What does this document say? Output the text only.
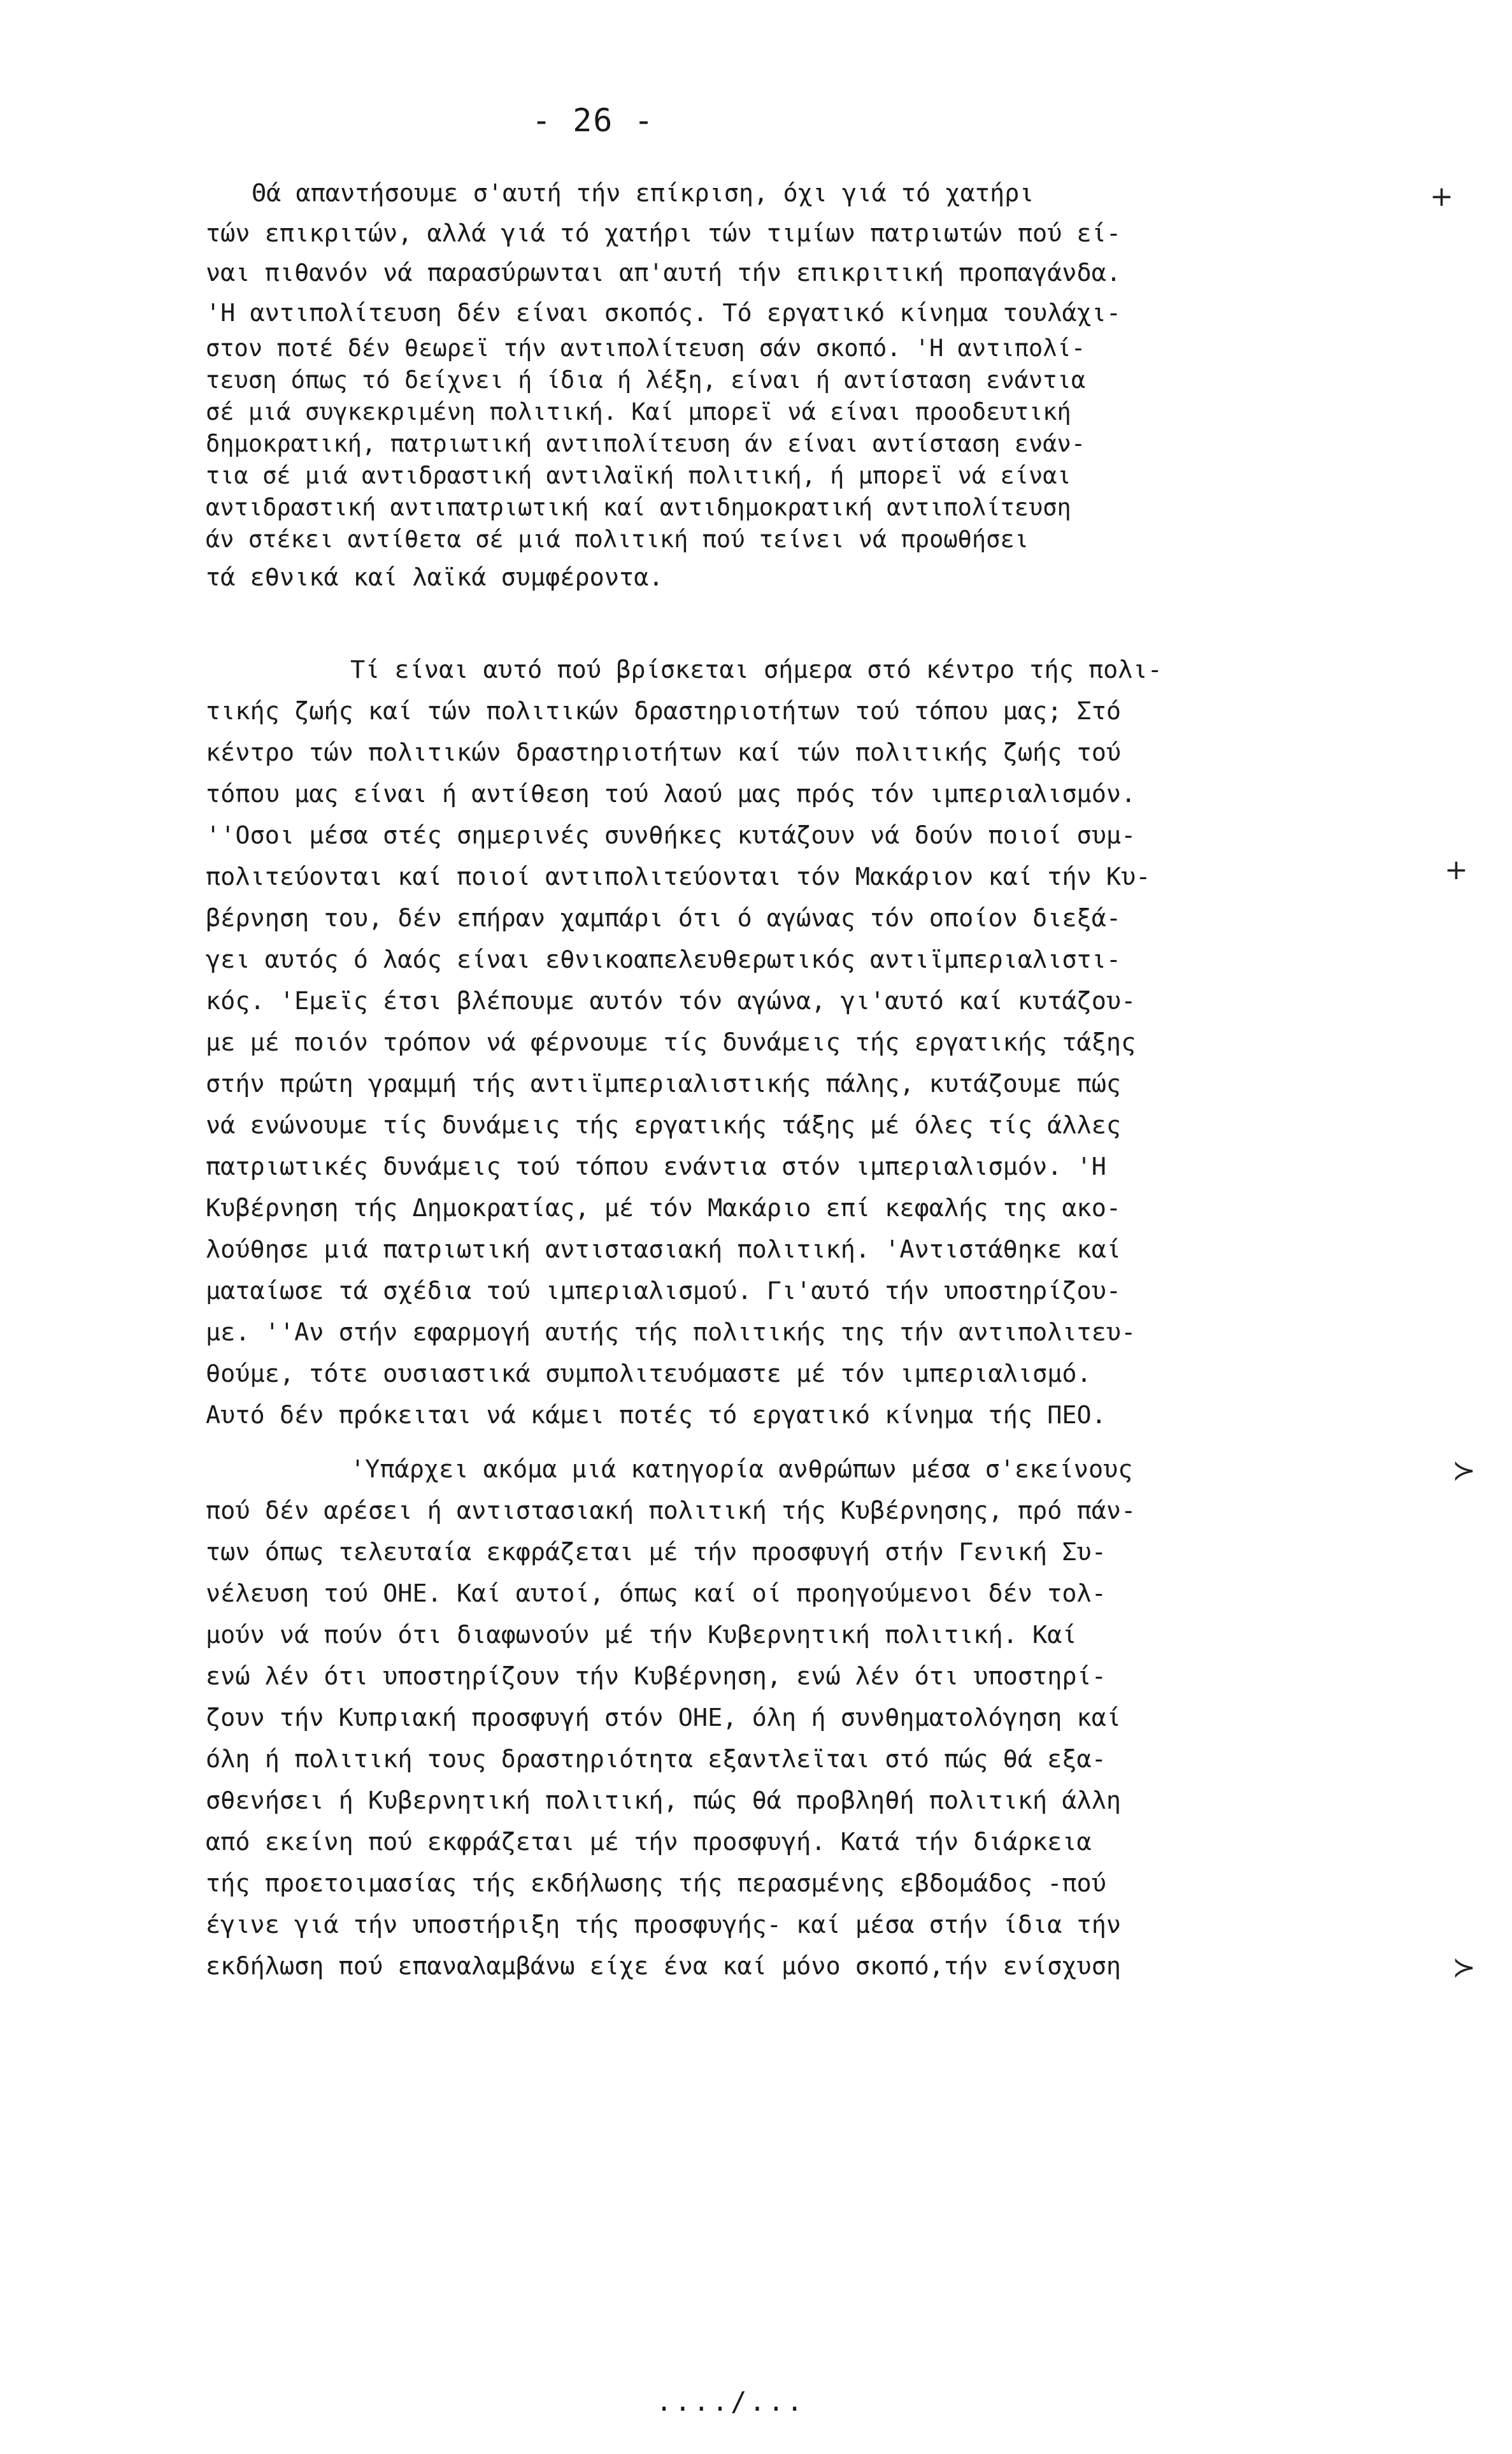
- 26 -
Θά απαντήσουμε σ'αυτή τήν επίκριση, όχι γιά τό χατήρι
τών επικριτών, αλλά γιά τό χατήρι τών τιμίων πατριωτών πού εί-
ναι πιθανόν νά παρασύρωνται απ'αυτή τήν επικριτική προπαγάνδα.
'Η αντιπολίτευση δέν είναι σκοπός. Τό εργατικό κίνημα τουλάχι-
στον ποτέ δέν θεωρεϊ τήν αντιπολίτευση σάν σκοπό. 'Η αντιπολί-
τευση όπως τό δείχνει ή ίδια ή λέξη, είναι ή αντίσταση ενάντια
σέ μιά συγκεκριμένη πολιτική. Καί μπορεϊ νά είναι προοδευτική
δημοκρατική, πατριωτική αντιπολίτευση άν είναι αντίσταση ενάν-
τια σέ μιά αντιδραστική αντιλαϊκή πολιτική, ή μπορεϊ νά είναι
αντιδραστική αντιπατριωτική καί αντιδημοκρατική αντιπολίτευση
άν στέκει αντίθετα σέ μιά πολιτική πού τείνει νά προωθήσει
τά εθνικά καί λαϊκά συμφέροντα.
Τί είναι αυτό πού βρίσκεται σήμερα στό κέντρο τής πολι-
τικής ζωής καί τών πολιτικών δραστηριοτήτων τού τόπου μας; Στό
κέντρο τών πολιτικών δραστηριοτήτων καί τών πολιτικής ζωής τού
τόπου μας είναι ή αντίθεση τού λαού μας πρός τόν ιμπεριαλισμόν.
''Οσοι μέσα στές σημερινές συνθήκες κυτάζουν νά δούν ποιοί συμ-
πολιτεύονται καί ποιοί αντιπολιτεύονται τόν Μακάριον καί τήν Κυ-
βέρνηση του, δέν επήραν χαμπάρι ότι ό αγώνας τόν οποίον διεξά-
γει αυτός ό λαός είναι εθνικοαπελευθερωτικός αντιϊμπεριαλιστι-
κός. 'Εμεϊς έτσι βλέπουμε αυτόν τόν αγώνα, γι'αυτό καί κυτάζου-
με μέ ποιόν τρόπον νά φέρνουμε τίς δυνάμεις τής εργατικής τάξης
στήν πρώτη γραμμή τής αντιϊμπεριαλιστικής πάλης, κυτάζουμε πώς
νά ενώνουμε τίς δυνάμεις τής εργατικής τάξης μέ όλες τίς άλλες
πατριωτικές δυνάμεις τού τόπου ενάντια στόν ιμπεριαλισμόν. 'Η
Κυβέρνηση τής Δημοκρατίας, μέ τόν Μακάριο επί κεφαλής της ακο-
λούθησε μιά πατριωτική αντιστασιακή πολιτική. 'Αντιστάθηκε καί
ματαίωσε τά σχέδια τού ιμπεριαλισμού. Γι'αυτό τήν υποστηρίζου-
με. ''Αν στήν εφαρμογή αυτής τής πολιτικής της τήν αντιπολιτευ-
θούμε, τότε ουσιαστικά συμπολιτευόμαστε μέ τόν ιμπεριαλισμό.
Αυτό δέν πρόκειται νά κάμει ποτές τό εργατικό κίνημα τής ΠΕΟ.
'Υπάρχει ακόμα μιά κατηγορία ανθρώπων μέσα σ'εκείνους
πού δέν αρέσει ή αντιστασιακή πολιτική τής Κυβέρνησης, πρό πάν-
των όπως τελευταία εκφράζεται μέ τήν προσφυγή στήν Γενική Συ-
νέλευση τού ΟΗΕ. Καί αυτοί, όπως καί οί προηγούμενοι δέν τολ-
μούν νά πούν ότι διαφωνούν μέ τήν Κυβερνητική πολιτική. Καί
ενώ λέν ότι υποστηρίζουν τήν Κυβέρνηση, ενώ λέν ότι υποστηρί-
ζουν τήν Κυπριακή προσφυγή στόν ΟΗΕ, όλη ή συνθηματολόγηση καί
όλη ή πολιτική τους δραστηριότητα εξαντλεϊται στό πώς θά εξα-
σθενήσει ή Κυβερνητική πολιτική, πώς θά προβληθή πολιτική άλλη
από εκείνη πού εκφράζεται μέ τήν προσφυγή. Κατά τήν διάρκεια
τής προετοιμασίας τής εκδήλωσης τής περασμένης εβδομάδος -πού
έγινε γιά τήν υποστήριξη τής προσφυγής- καί μέσα στήν ίδια τήν
εκδήλωση πού επαναλαμβάνω είχε ένα καί μόνο σκοπό,τήν ενίσχυση
+
+
≻
≻
..../...
